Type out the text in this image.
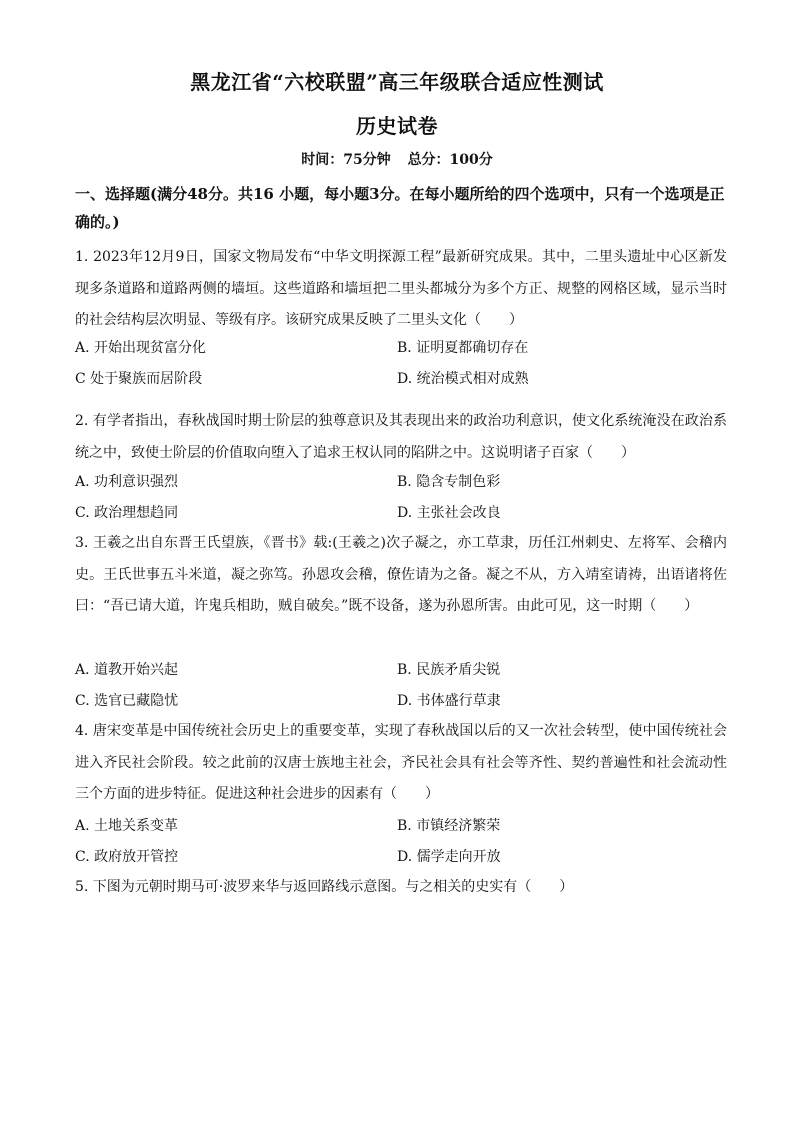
黑龙江省“六校联盟”高三年级联合适应性测试
历史试卷
时间：75分钟 总分：100分
一、选择题(满分48分。共16 小题，每小题3分。在每小题所给的四个选项中，只有一个选项是正确的。)
1. 2023年12月9日，国家文物局发布“中华文明探源工程”最新研究成果。其中，二里头遗址中心区新发现多条道路和道路两侧的墙垣。这些道路和墙垣把二里头都城分为多个方正、规整的网格区域，显示当时的社会结构层次明显、等级有序。该研究成果反映了二里头文化（　　）
A. 开始出现贫富分化	B. 证明夏都确切存在
C 处于聚族而居阶段	D. 统治模式相对成熟
2. 有学者指出，春秋战国时期士阶层的独尊意识及其表现出来的政治功利意识，使文化系统淹没在政治系统之中，致使士阶层的价值取向堕入了追求王权认同的陷阱之中。这说明诸子百家（　　）
A. 功利意识强烈	B. 隐含专制色彩
C. 政治理想趋同	D. 主张社会改良
3. 王羲之出自东晋王氏望族，《晋书》载:(王羲之)次子凝之，亦工草隶，历任江州刺史、左将军、会稽内史。王氏世事五斗米道，凝之弥笃。孙恩攻会稽，僚佐请为之备。凝之不从，方入靖室请祷，出语诸将佐曰：“吾已请大道，许鬼兵相助，贼自破矣。”既不设备，遂为孙恩所害。由此可见，这一时期（　　）
A. 道教开始兴起	B. 民族矛盾尖锐
C. 选官已藏隐忧	D. 书体盛行草隶
4. 唐宋变革是中国传统社会历史上的重要变革，实现了春秋战国以后的又一次社会转型，使中国传统社会进入齐民社会阶段。较之此前的汉唐士族地主社会，齐民社会具有社会等齐性、契约普遍性和社会流动性三个方面的进步特征。促进这种社会进步的因素有（　　）
A. 土地关系变革	B. 市镇经济繁荣
C. 政府放开管控	D. 儒学走向开放
5. 下图为元朝时期马可·波罗来华与返回路线示意图。与之相关的史实有（　　）
